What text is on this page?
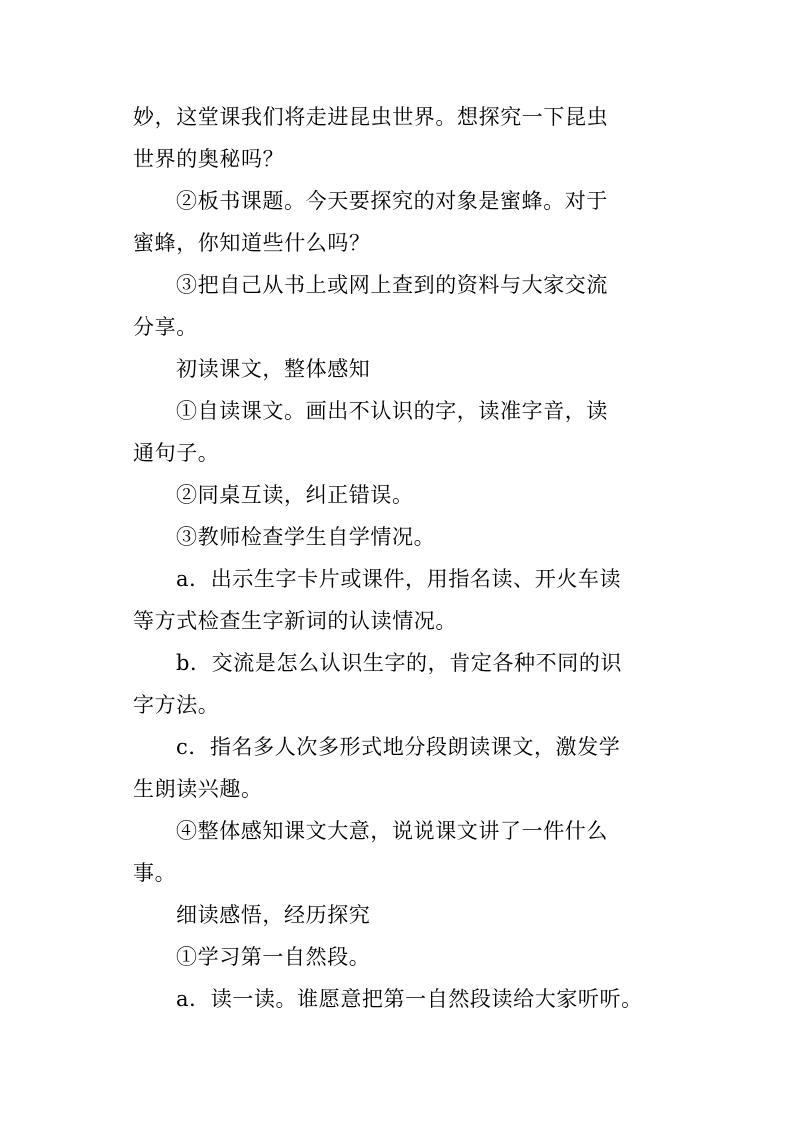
妙，这堂课我们将走进昆虫世界。想探究一下昆虫
世界的奥秘吗？
②板书课题。今天要探究的对象是蜜蜂。对于
蜜蜂，你知道些什么吗？
③把自己从书上或网上查到的资料与大家交流
分享。
初读课文，整体感知
①自读课文。画出不认识的字，读准字音，读
通句子。
②同桌互读，纠正错误。
③教师检查学生自学情况。
a．出示生字卡片或课件，用指名读、开火车读
等方式检查生字新词的认读情况。
b．交流是怎么认识生字的，肯定各种不同的识
字方法。
c．指名多人次多形式地分段朗读课文，激发学
生朗读兴趣。
④整体感知课文大意，说说课文讲了一件什么
事。
细读感悟，经历探究
①学习第一自然段。
a．读一读。谁愿意把第一自然段读给大家听听。
